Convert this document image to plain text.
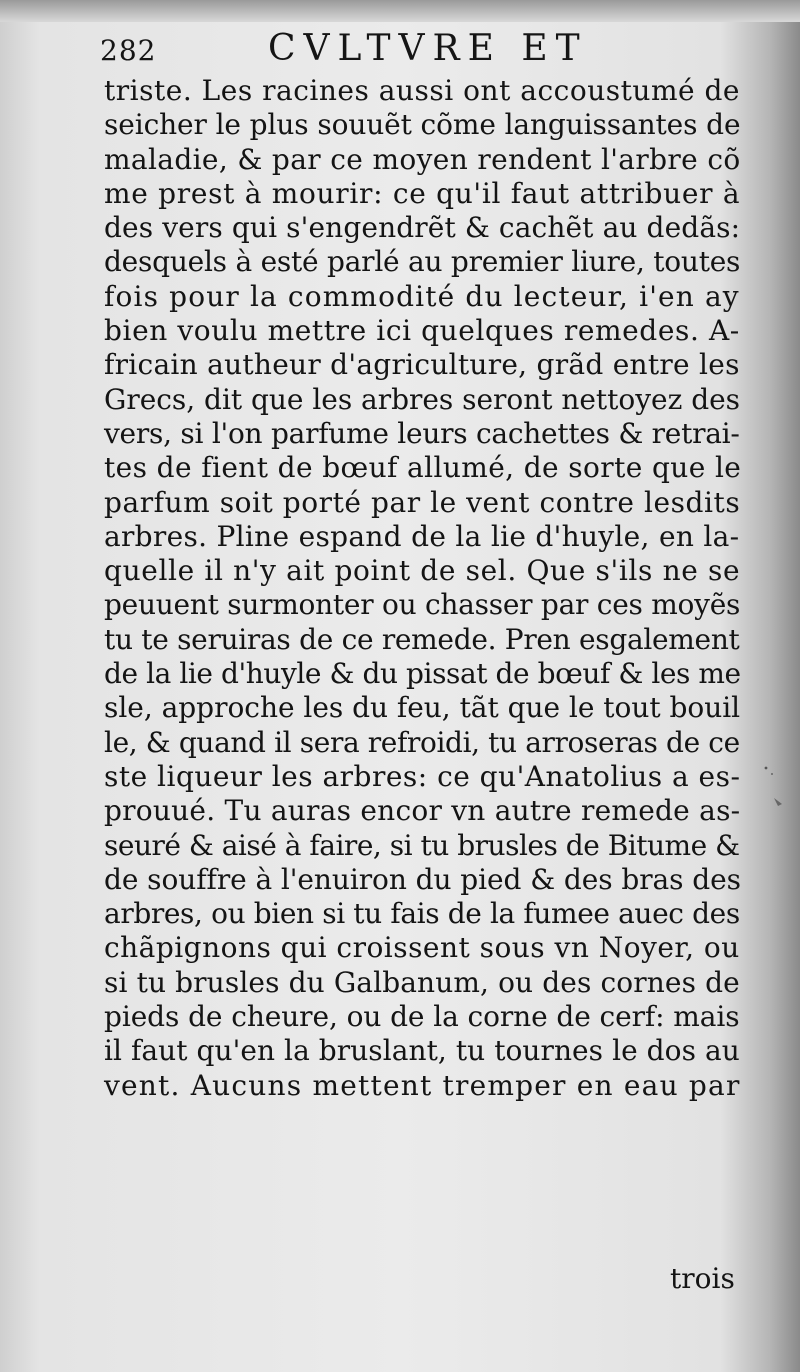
282	CVLTVRE ET
triste. Les racines aussi ont accoustumé de
seicher le plus souuẽt cõme languissantes de
maladie, & par ce moyen rendent l'arbre cõ
me prest à mourir: ce qu'il faut attribuer à
des vers qui s'engendrẽt & cachẽt au dedãs:
desquels à esté parlé au premier liure, toutes
fois pour la commodité du lecteur, i'en ay
bien voulu mettre ici quelques remedes. A-
fricain autheur d'agriculture, grãd entre les
Grecs, dit que les arbres seront nettoyez des
vers, si l'on parfume leurs cachettes & retrai-
tes de fient de bœuf allumé, de sorte que le
parfum soit porté par le vent contre lesdits
arbres. Pline espand de la lie d'huyle, en la-
quelle il n'y ait point de sel. Que s'ils ne se
peuuent surmonter ou chasser par ces moyẽs
tu te seruiras de ce remede. Pren esgalement
de la lie d'huyle & du pissat de bœuf & les me
sle, approche les du feu, tãt que le tout bouil
le, & quand il sera refroidi, tu arroseras de ce
ste liqueur les arbres: ce qu'Anatolius a es-
prouué. Tu auras encor vn autre remede as-
seuré & aisé à faire, si tu brusles de Bitume &
de souffre à l'enuiron du pied & des bras des
arbres, ou bien si tu fais de la fumee auec des
chãpignons qui croissent sous vn Noyer, ou
si tu brusles du Galbanum, ou des cornes de
pieds de cheure, ou de la corne de cerf: mais
il faut qu'en la bruslant, tu tournes le dos au
vent. Aucuns mettent tremper en eau par
trois
